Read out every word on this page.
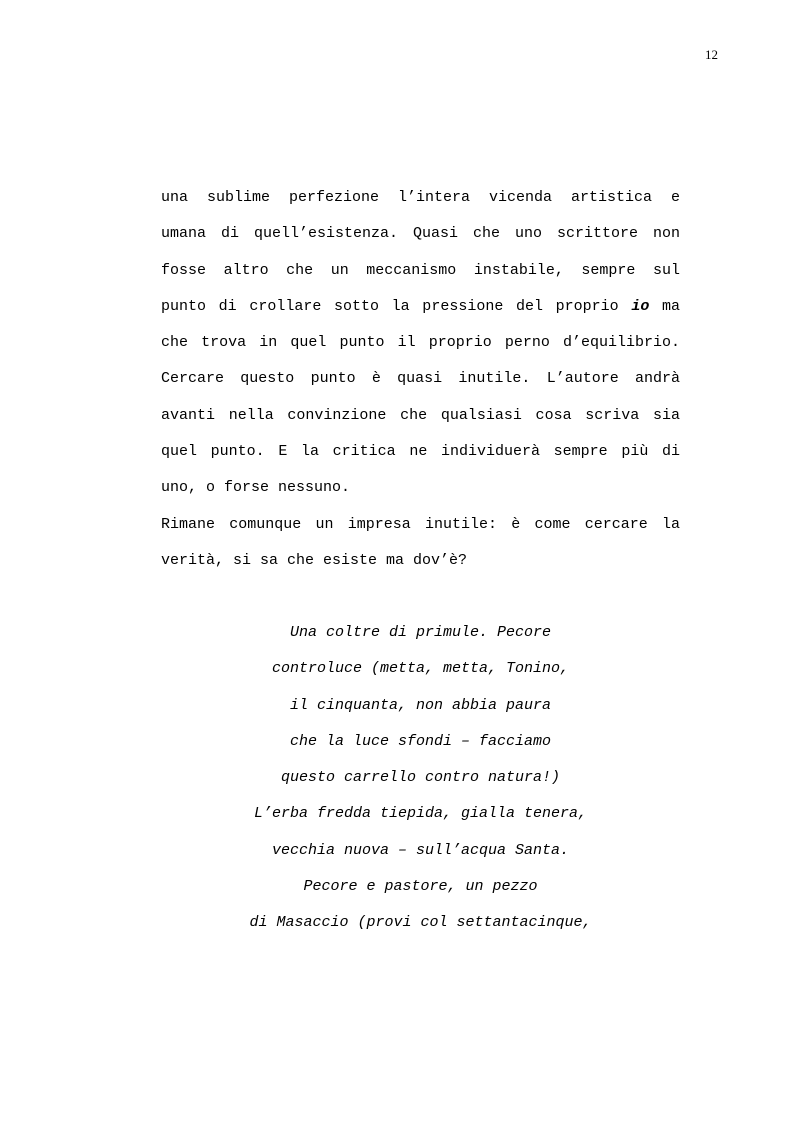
12
una sublime perfezione l’intera vicenda artistica e
umana di quell’esistenza. Quasi che uno scrittore non
fosse altro che un meccanismo instabile, sempre sul
punto di crollare sotto la pressione del proprio io ma
che trova in quel punto il proprio perno d’equilibrio.
Cercare questo punto è quasi inutile. L’autore andrà
avanti nella convinzione che qualsiasi cosa scriva sia
quel punto. E la critica ne individuerà sempre più di
uno, o forse nessuno.
Rimane comunque un impresa inutile: è come cercare la
verità, si sa che esiste ma dov’è?
Una coltre di primule. Pecore
controluce (metta, metta, Tonino,
il cinquanta, non abbia paura
che la luce sfondi – facciamo
questo carrello contro natura!)
L’erba fredda tiepida, gialla tenera,
vecchia nuova – sull’acqua Santa.
Pecore e pastore, un pezzo
di Masaccio (provi col settantacinque,
